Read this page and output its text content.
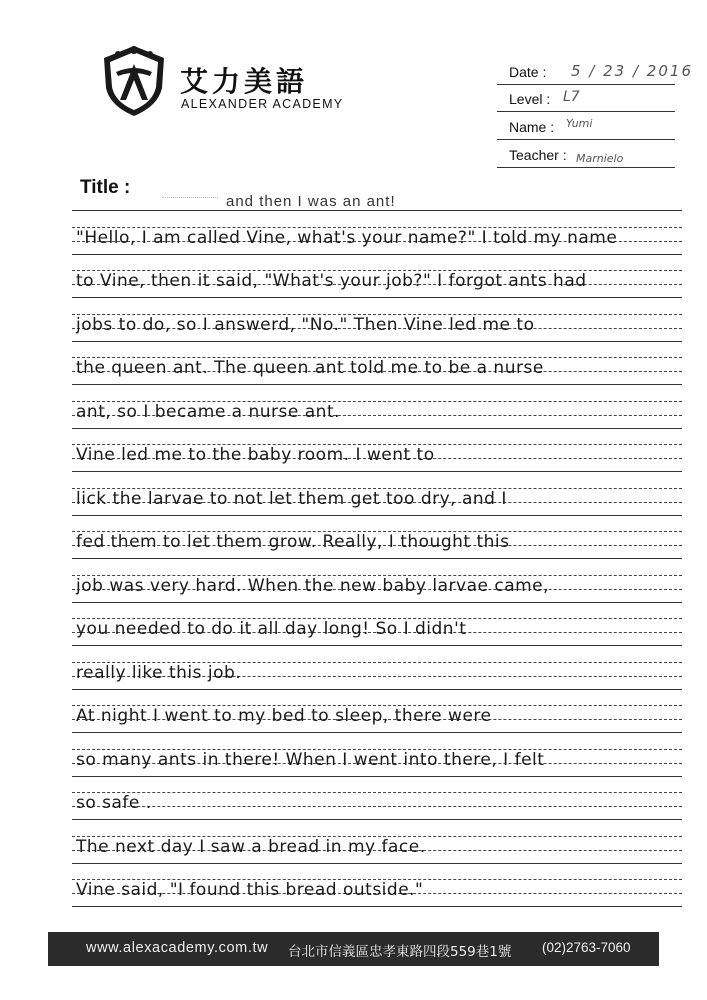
艾力美語
ALEXANDER ACADEMY
Date : 5 / 23 / 2016
Level : L7
Name : Yumi
Teacher : Marnielo
Title :
and then I was an ant!
"Hello, I am called Vine, what's your name?" I told my name
to Vine, then it said, "What's your job?" I forgot ants had
jobs to do, so I answerd, "No." Then Vine led me to
the queen ant. The queen ant told me to be a nurse
ant, so I became a nurse ant.
Vine led me to the baby room. I went to
lick the larvae to not let them get too dry, and I
fed them to let them grow. Really, I thought this
job was very hard. When the new baby larvae came,
you needed to do it all day long! So I didn't
really like this job.
At night I went to my bed to sleep, there were
so many ants in there! When I went into there, I felt
so safe .
The next day I saw a bread in my face.
Vine said, "I found this bread outside."
www.alexacademy.com.tw 台北市信義區忠孝東路四段559巷1號 (02)2763-7060
